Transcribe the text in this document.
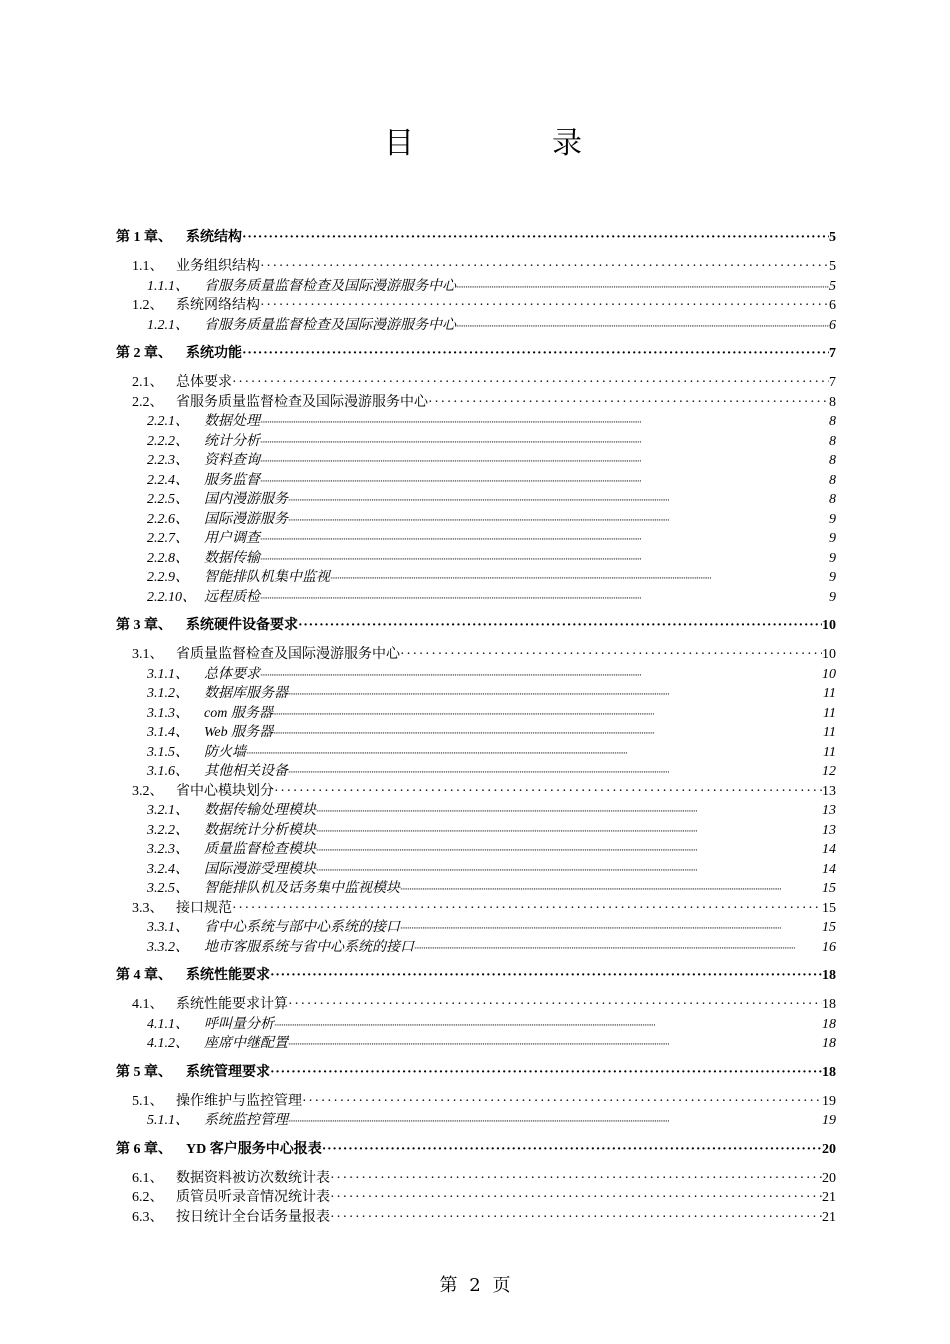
目　录
第 1 章、	系统结构 ·····	5
1.1、 业务组织结构 ·····	5
1.1.1、	省服务质量监督检查及国际漫游服务中心 ·····	5
1.2、 系统网络结构 ·····	6
1.2.1、	省服务质量监督检查及国际漫游服务中心 ·····	6
第 2 章、	系统功能 ·····	7
2.1、 总体要求 ·····	7
2.2、 省服务质量监督检查及国际漫游服务中心 ·····	8
2.2.1、	数据处理 ·····	8
2.2.2、	统计分析 ·····	8
2.2.3、	资料查询 ·····	8
2.2.4、	服务监督 ·····	8
2.2.5、	国内漫游服务 ·····	8
2.2.6、	国际漫游服务 ·····	9
2.2.7、	用户调查 ·····	9
2.2.8、	数据传输 ·····	9
2.2.9、	智能排队机集中监视 ·····	9
2.2.10、 远程质检 ·····	9
第 3 章、	系统硬件设备要求 ·····	10
3.1、 省质量监督检查及国际漫游服务中心 ·····	10
3.1.1、	总体要求 ·····	10
3.1.2、	数据库服务器 ·····	11
3.1.3、	com 服务器 ·····	11
3.1.4、	Web 服务器 ·····	11
3.1.5、	防火墙 ·····	11
3.1.6、	其他相关设备 ·····	12
3.2、 省中心模块划分 ·····	13
3.2.1、	数据传输处理模块 ·····	13
3.2.2、	数据统计分析模块 ·····	13
3.2.3、	质量监督检查模块 ·····	14
3.2.4、	国际漫游受理模块 ·····	14
3.2.5、	智能排队机及话务集中监视模块 ·····	15
3.3、 接口规范 ·····	15
3.3.1、	省中心系统与部中心系统的接口 ·····	15
3.3.2、	地市客服系统与省中心系统的接口 ·····	16
第 4 章、	系统性能要求 ·····	18
4.1、 系统性能要求计算 ·····	18
4.1.1、	呼叫量分析 ·····	18
4.1.2、	座席中继配置 ·····	18
第 5 章、	系统管理要求 ·····	18
5.1、 操作维护与监控管理 ·····	19
5.1.1、	系统监控管理 ·····	19
第 6 章、	YD 客户服务中心报表 ·····	20
6.1、 数据资料被访次数统计表 ·····	20
6.2、 质管员听录音情况统计表 ·····	21
6.3、 按日统计全台话务量报表 ·····	21
第 2 页
